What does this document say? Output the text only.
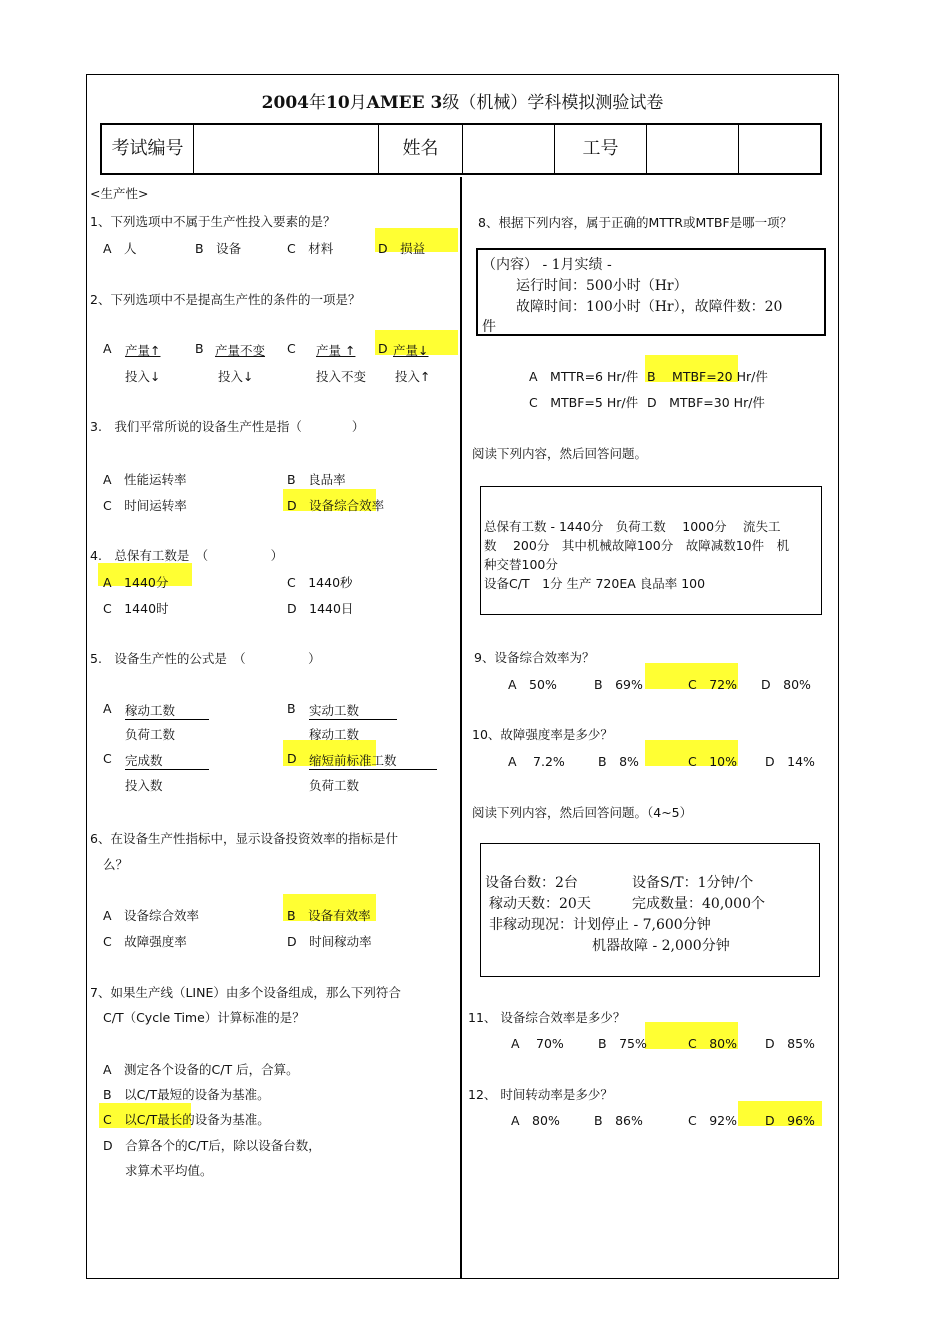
2004年10月AMEE 3级（机械）学科模拟测验试卷
考试编号	姓名	工号
<生产性>
1、下列选项中不属于生产性投入要素的是？
A　人	B　设备	C　材料	D　损益
2、下列选项中不是提高生产性的条件的一项是？
A 产量↑
投入↓
B 产量不变
投入↓
C 产量 ↑
投入不变
D 产量↓
投入↑
3.　我们平常所说的设备生产性是指（　　　　）
A　性能运转率	B　良品率
C　时间运转率	D　设备综合效率
4.　总保有工数是　（　　　　　）
A　1440分	C　1440秒
C　1440时	D　1440日
5.　设备生产性的公式是　（　　　　　）
A 稼动工数
负荷工数
B 实动工数
稼动工数
C 完成数
投入数
D 缩短前标准工数
负荷工数
6、在设备生产性指标中，显示设备投资效率的指标是什
么？
A　设备综合效率	B　设备有效率
C　故障强度率	D　时间稼动率
7、如果生产线（LINE）由多个设备组成，那么下列符合
C/T（Cycle Time）计算标准的是？
A　测定各个设备的C/T 后，合算。
B　以C/T最短的设备为基准。
C　以C/T最长的设备为基准。
D　合算各个的C/T后，除以设备台数，
求算术平均值。
8、根据下列内容，属于正确的MTTR或MTBF是哪一项？
（内容） - 1月实绩 -
运行时间：500小时（Hr）
故障时间：100小时（Hr），故障件数：20
件
A　MTTR=6 Hr/件 B　 MTBF=20 Hr/件
C　MTBF=5 Hr/件 D　MTBF=30 Hr/件
阅读下列内容，然后回答问题。
总保有工数 - 1440分　负荷工数　 1000分　 流失工
数　 200分　其中机械故障100分　故障减数10件　机
种交替100分
设备C/T　1分 生产 720EA 良品率 100
9、设备综合效率为？
A　50%	B　69%	C　72% D　80%
10、故障强度率是多少？
A　 7.2%	B　8%	C　10% D　14%
阅读下列内容，然后回答问题。（4~5）
设备台数：2台	设备S/T：1分钟/个
稼动天数：20天	完成数量：40,000个
非稼动现况：计划停止 - 7,600分钟
机器故障 - 2,000分钟
11、 设备综合效率是多少？
A　 70%	B　75%	C　80% D　85%
12、 时间转动率是多少？
A　80%	B　86%	C　92% D　96%
